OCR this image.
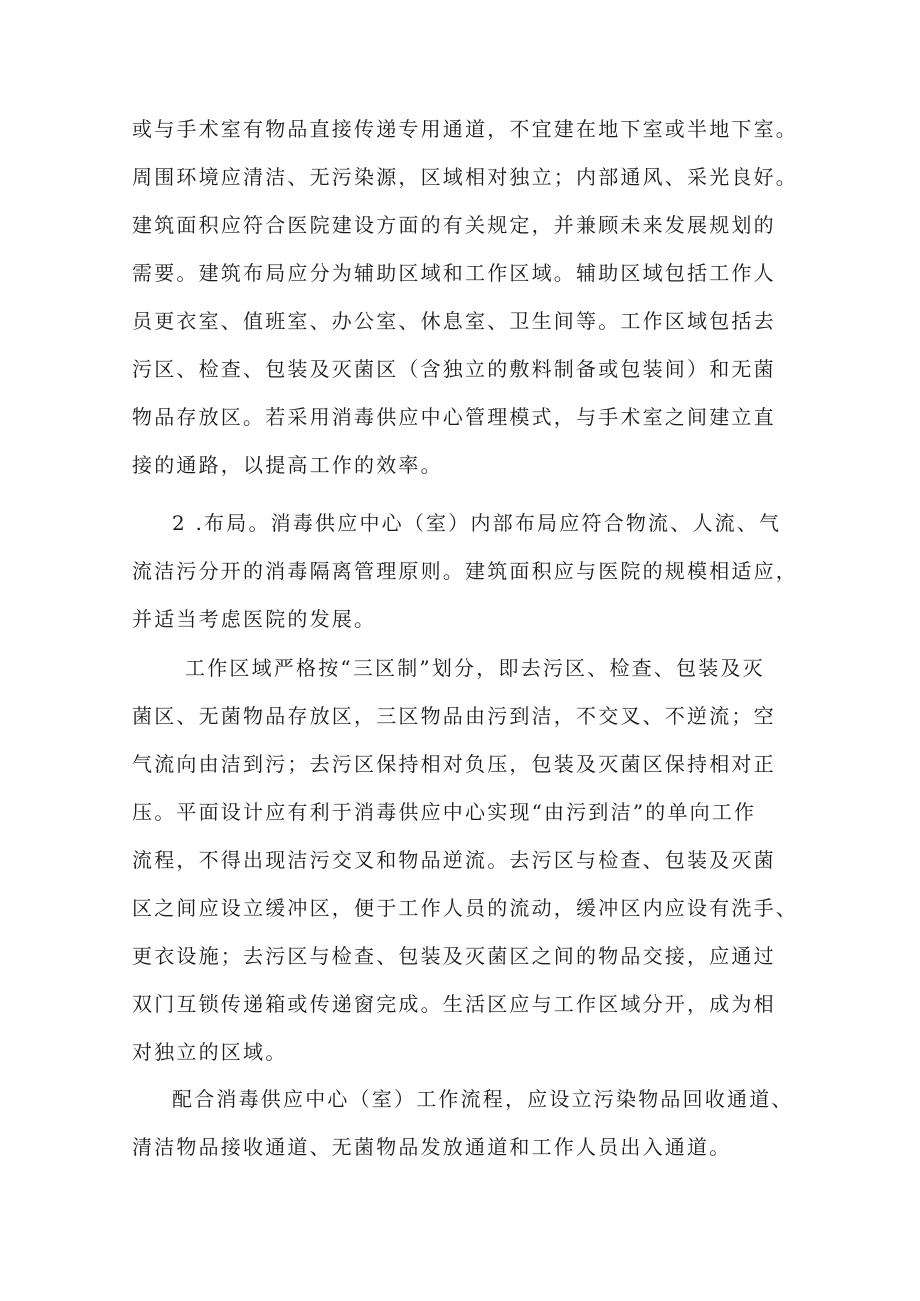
或与手术室有物品直接传递专用通道，不宜建在地下室或半地下室。
周围环境应清洁、无污染源，区域相对独立；内部通风、采光良好。
建筑面积应符合医院建设方面的有关规定，并兼顾未来发展规划的
需要。建筑布局应分为辅助区域和工作区域。辅助区域包括工作人
员更衣室、值班室、办公室、休息室、卫生间等。工作区域包括去
污区、检查、包装及灭菌区（含独立的敷料制备或包装间）和无菌
物品存放区。若采用消毒供应中心管理模式，与手术室之间建立直
接的通路，以提高工作的效率。
2 .布局。消毒供应中心（室）内部布局应符合物流、人流、气
流洁污分开的消毒隔离管理原则。建筑面积应与医院的规模相适应，
并适当考虑医院的发展。
工作区域严格按“三区制”划分，即去污区、检查、包装及灭
菌区、无菌物品存放区，三区物品由污到洁，不交叉、不逆流；空
气流向由洁到污；去污区保持相对负压，包装及灭菌区保持相对正
压。平面设计应有利于消毒供应中心实现“由污到洁”的单向工作
流程，不得出现洁污交叉和物品逆流。去污区与检查、包装及灭菌
区之间应设立缓冲区，便于工作人员的流动，缓冲区内应设有洗手、
更衣设施；去污区与检查、包装及灭菌区之间的物品交接，应通过
双门互锁传递箱或传递窗完成。生活区应与工作区域分开，成为相
对独立的区域。
配合消毒供应中心（室）工作流程，应设立污染物品回收通道、
清洁物品接收通道、无菌物品发放通道和工作人员出入通道。
